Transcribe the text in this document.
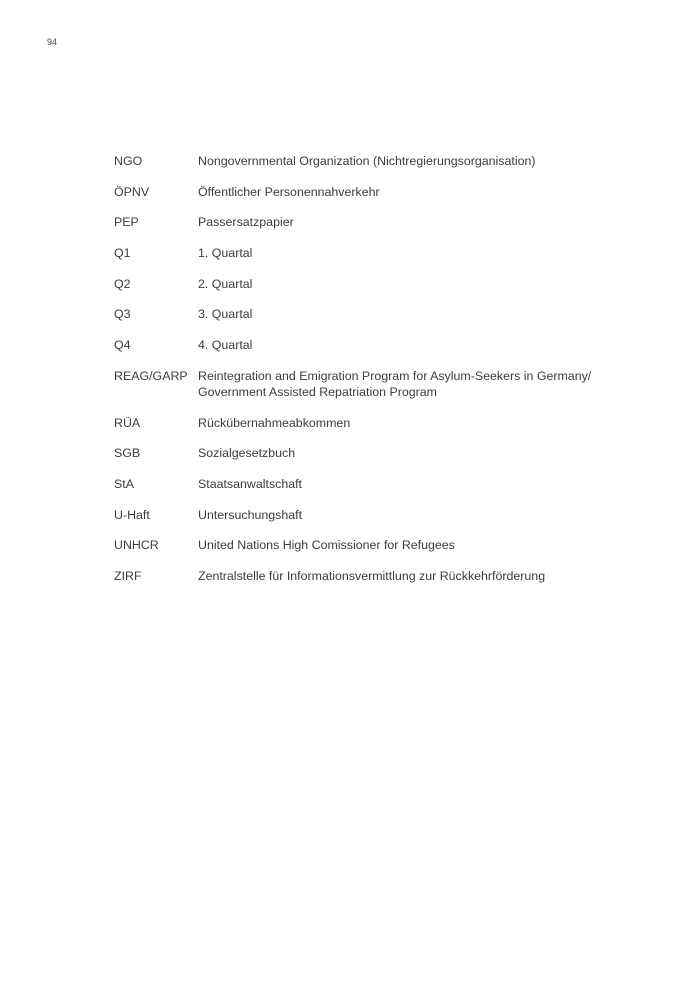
94
NGO	Nongovernmental Organization (Nichtregierungsorganisation)
ÖPNV	Öffentlicher Personennahverkehr
PEP	Passersatzpapier
Q1	1. Quartal
Q2	2. Quartal
Q3	3. Quartal
Q4	4. Quartal
REAG/GARP Reintegration and Emigration Program for Asylum-Seekers in Germany/
Government Assisted Repatriation Program
RÜA	Rückübernahmeabkommen
SGB	Sozialgesetzbuch
StA	Staatsanwaltschaft
U-Haft	Untersuchungshaft
UNHCR	United Nations High Comissioner for Refugees
ZIRF	Zentralstelle für Informationsvermittlung zur Rückkehrförderung
